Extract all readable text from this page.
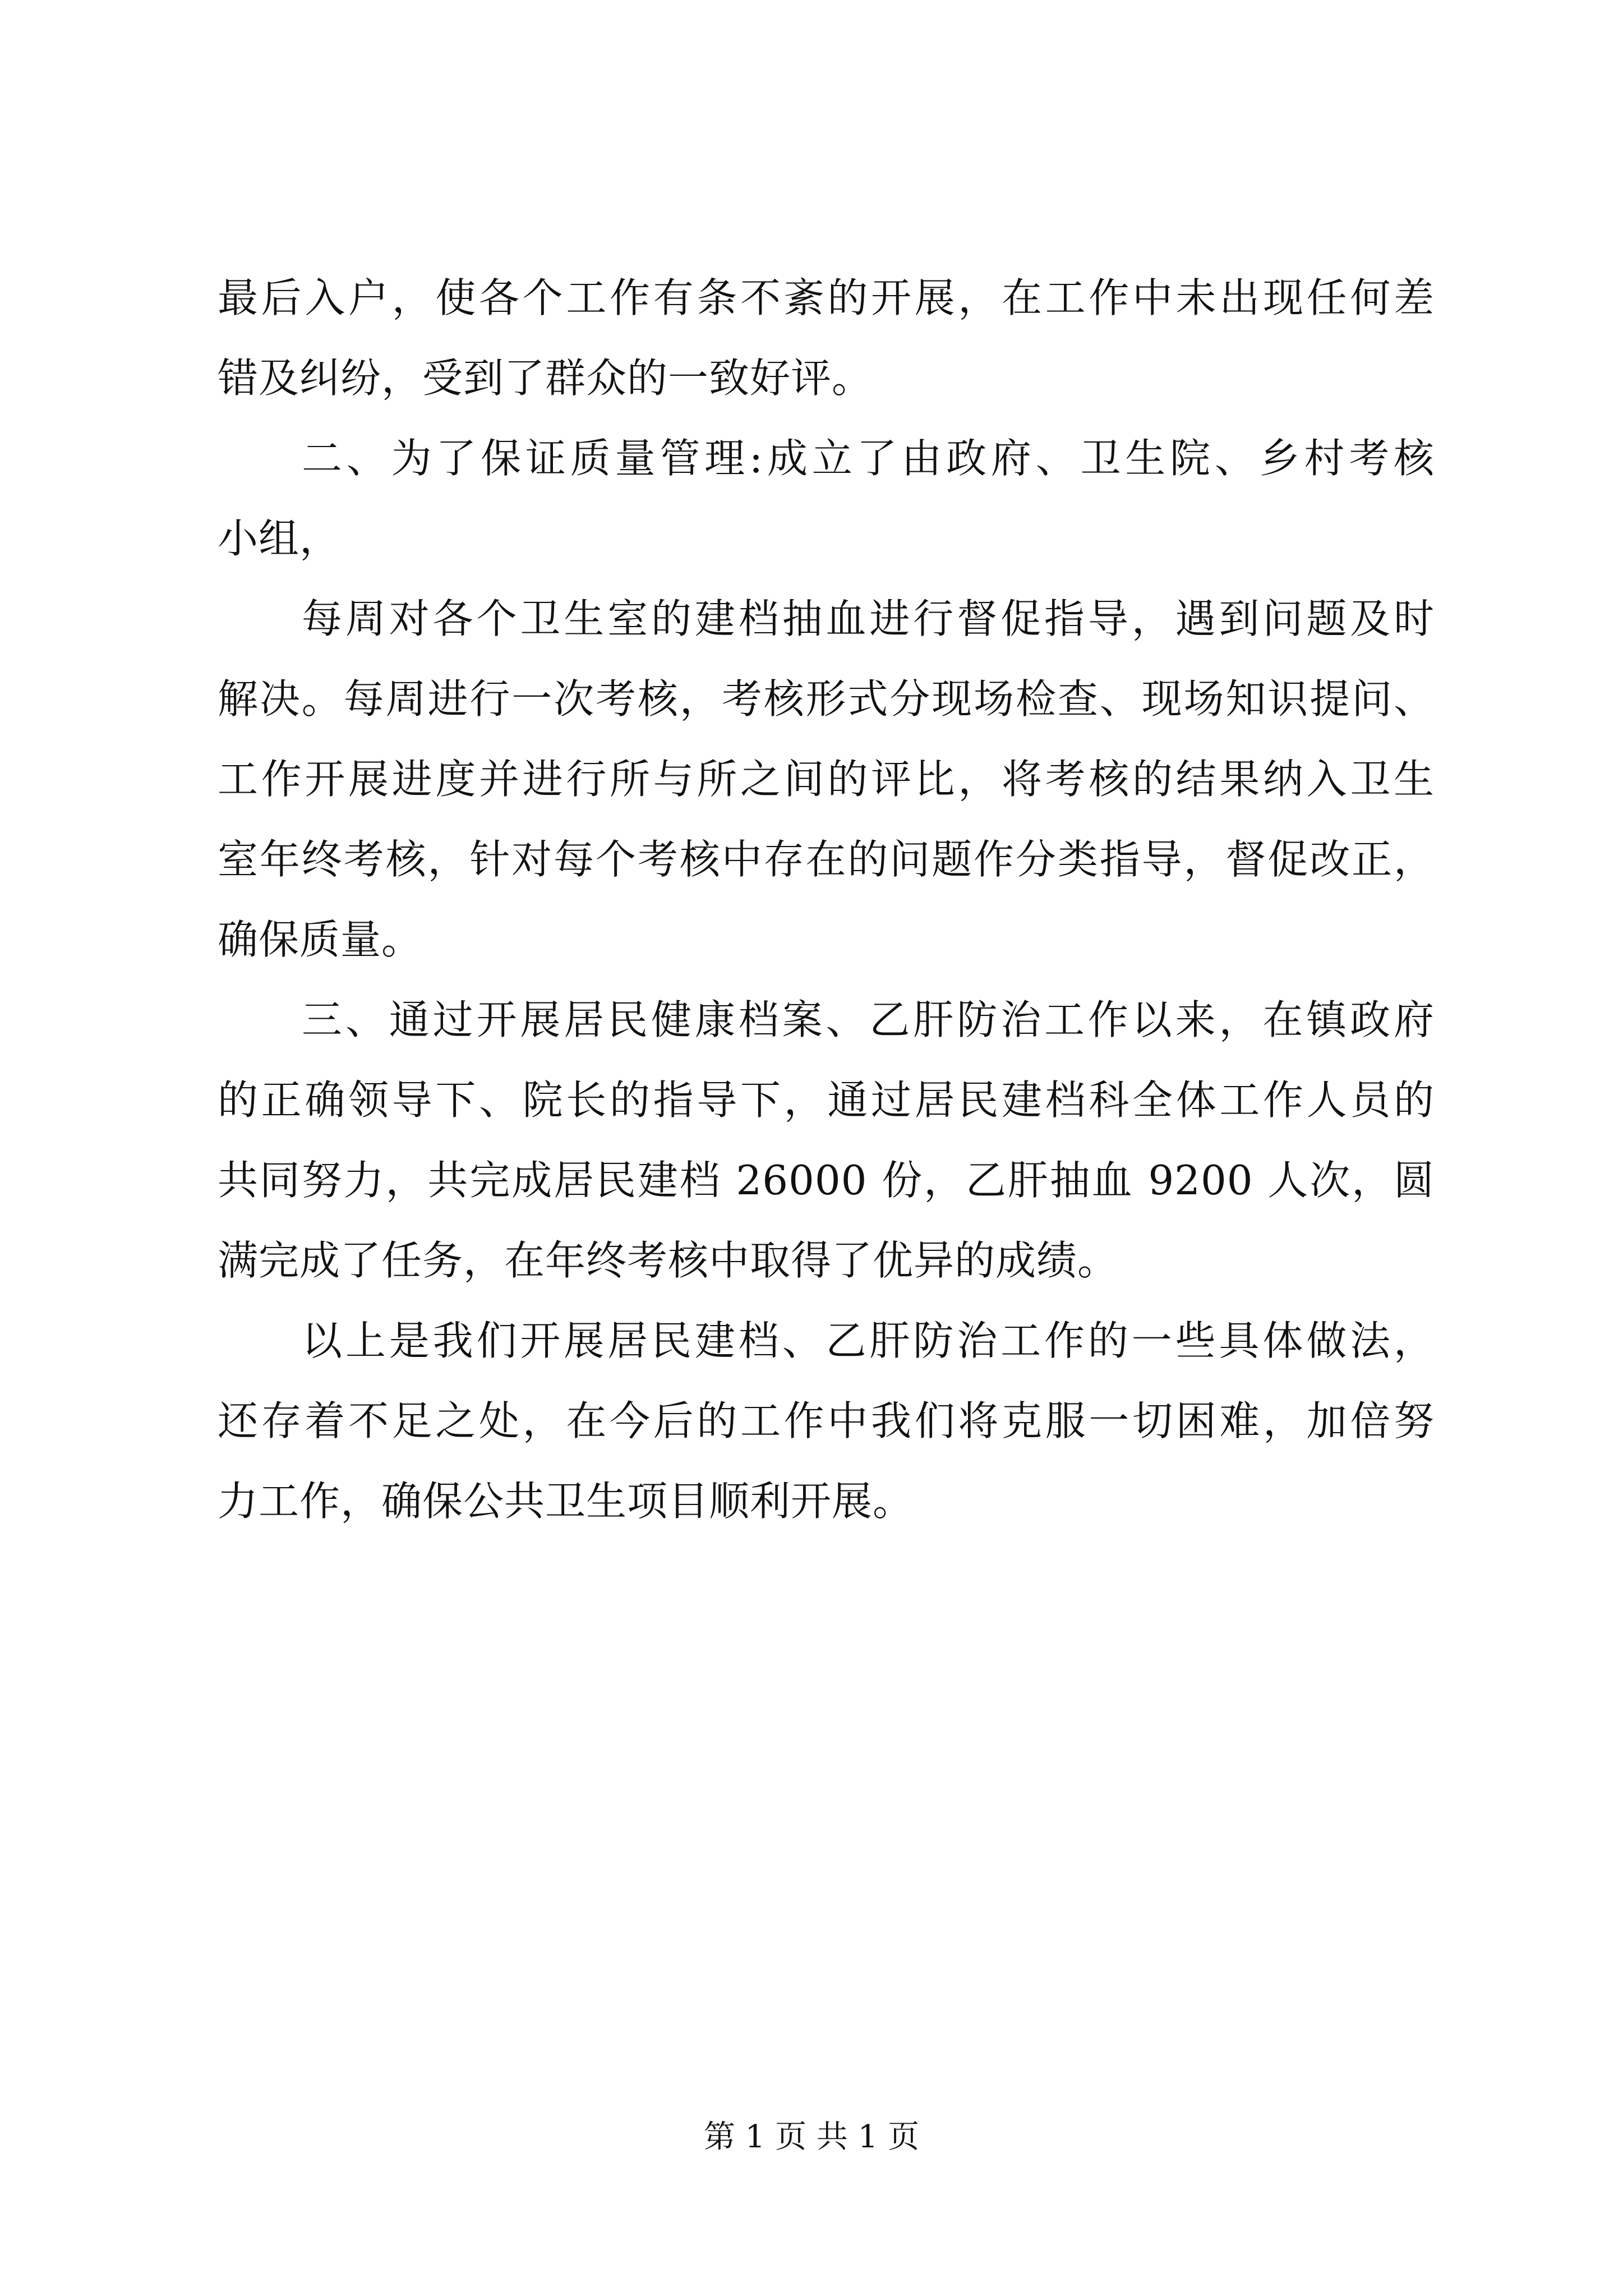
最后入户，使各个工作有条不紊的开展，在工作中未出现任何差
错及纠纷，受到了群众的一致好评。
二、为了保证质量管理:成立了由政府、卫生院、乡村考核
小组，
每周对各个卫生室的建档抽血进行督促指导，遇到问题及时
解决。每周进行一次考核，考核形式分现场检查、现场知识提问、
工作开展进度并进行所与所之间的评比，将考核的结果纳入卫生
室年终考核，针对每个考核中存在的问题作分类指导，督促改正，
确保质量。
三、通过开展居民健康档案、乙肝防治工作以来，在镇政府
的正确领导下、院长的指导下，通过居民建档科全体工作人员的
共同努力，共完成居民建档 26000 份，乙肝抽血 9200 人次，圆
满完成了任务，在年终考核中取得了优异的成绩。
以上是我们开展居民建档、乙肝防治工作的一些具体做法，
还存着不足之处，在今后的工作中我们将克服一切困难，加倍努
力工作，确保公共卫生项目顺利开展。
第 1 页 共 1 页
